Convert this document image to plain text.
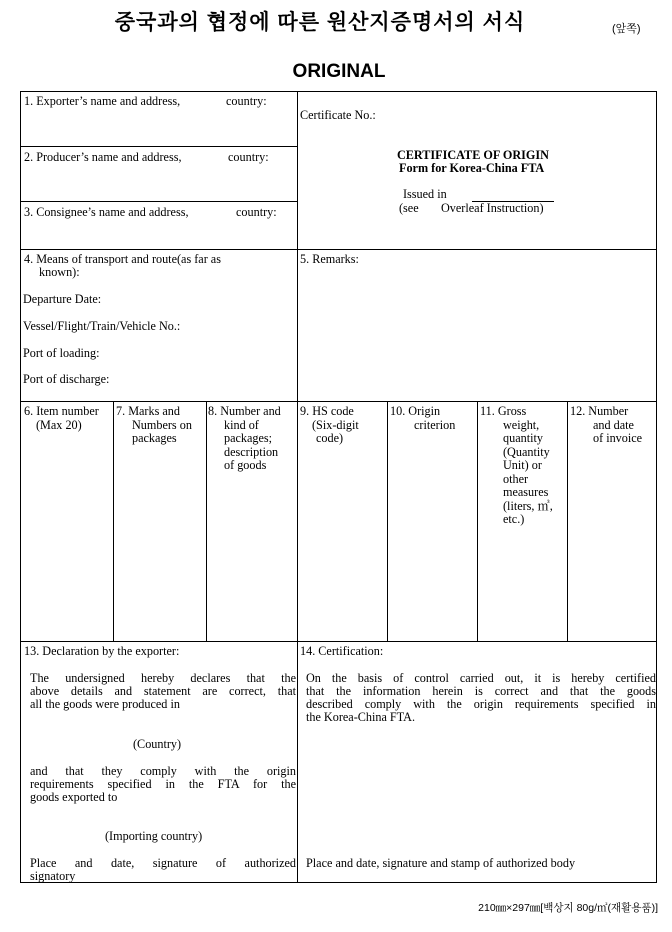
중국과의 협정에 따른 원산지증명서의 서식	(앞쪽)
ORIGINAL
1. Exporter’s name and address,	country:
2. Producer’s name and address,	country:
3. Consignee’s name and address,	country:
Certificate No.:
CERTIFICATE OF ORIGIN
Form for Korea-China FTA
Issued in
(see Overleaf Instruction)
4. Means of transport and route(as far as
known):
Departure Date:
Vessel/Flight/Train/Vehicle No.:
Port of loading:
Port of discharge:
5. Remarks:
6. Item number
(Max 20)
7. Marks and
Numbers on
packages
8. Number and
kind of
packages;
description
of goods
9. HS code
(Six-digit
code)
10. Origin
criterion
11. Gross
weight,
quantity
(Quantity
Unit) or
other
measures
(liters, ㎥,
etc.)
12. Number
and date
of invoice
13. Declaration by the exporter:
The undersigned hereby declares that the
above details and statement are correct, that
all the goods were produced in
(Country)
and that they comply with the origin
requirements specified in the FTA for the
goods exported to
(Importing country)
Place and date, signature of authorized
signatory
14. Certification:
On the basis of control carried out, it is hereby certified
that the information herein is correct and that the goods
described comply with the origin requirements specified in
the Korea-China FTA.
Place and date, signature and stamp of authorized body
210㎜×297㎜[백상지 80g/㎡(재활용품)]
